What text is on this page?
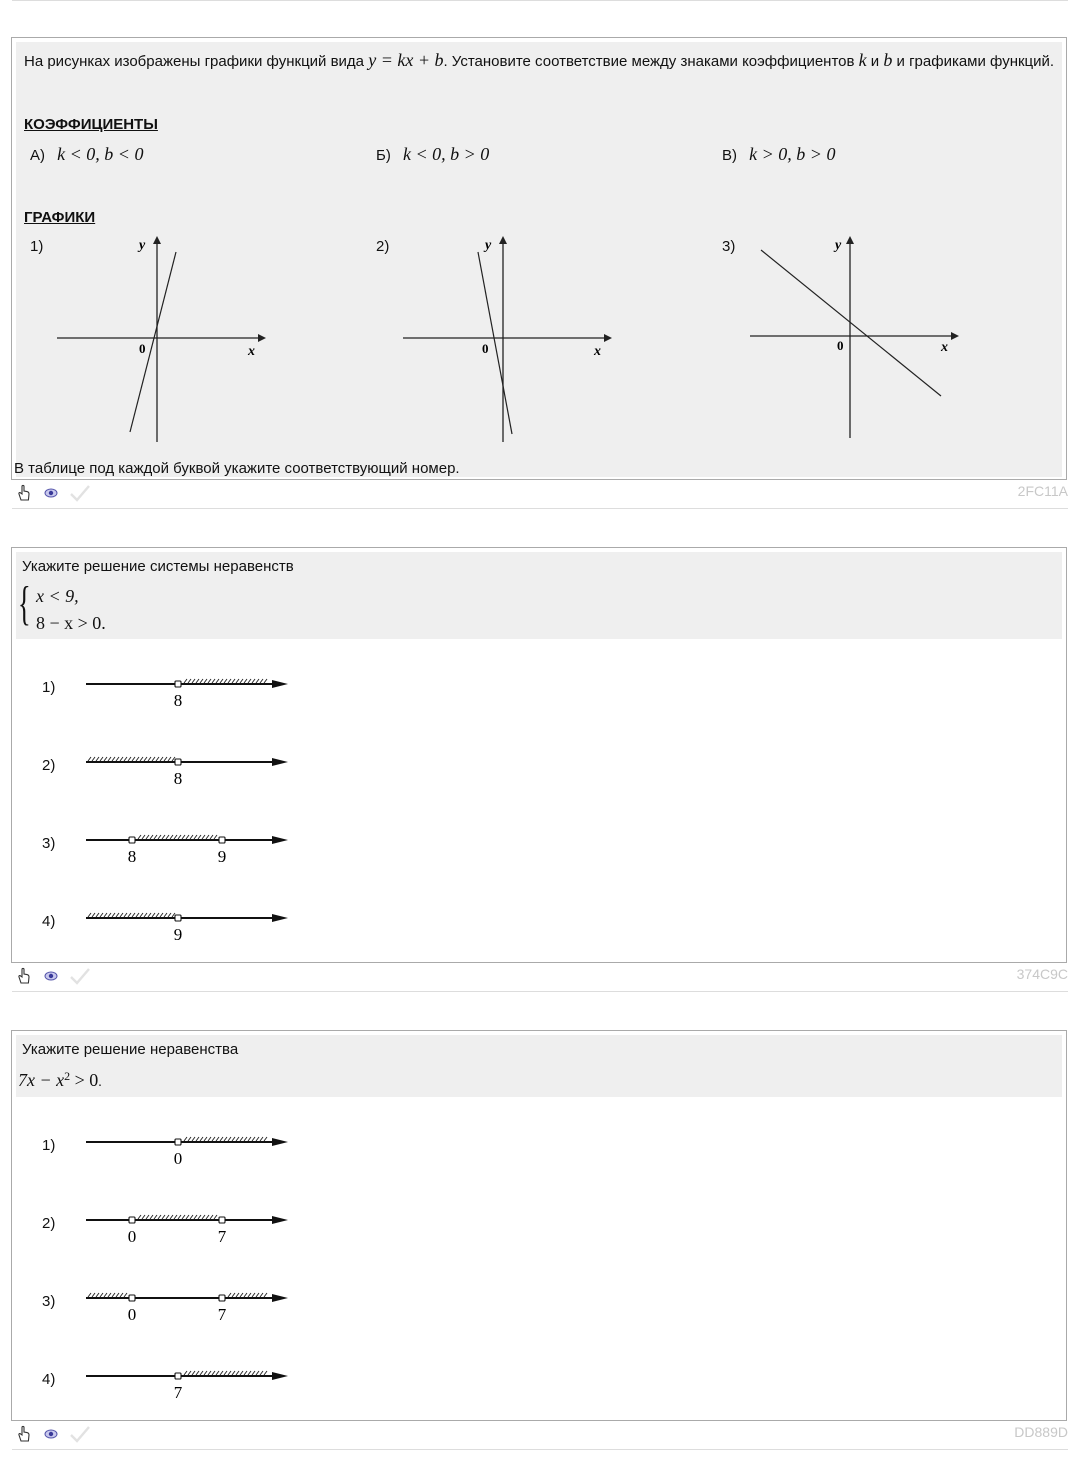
На рисунках изображены графики функций вида y = kx + b. Установите соответствие между знаками коэффициентов k и b и графиками функций.
КОЭФФИЦИЕНТЫ
А) k < 0, b < 0	Б) k < 0, b > 0	В) k > 0, b > 0
ГРАФИКИ
1)	y
x
0
2)	y
x
0
3)	y
x
0
В таблице под каждой буквой укажите соответствующий номер.
2FC11A
Укажите решение системы неравенств
{ x < 9,
8 − x > 0.
1)
8
2)
8
3)
8	9
4)
9
374C9C
Укажите решение неравенства
$7x - x^2 > 0$.
1)
0
2)
0	7
3)
0	7
4)
7
DD889D
